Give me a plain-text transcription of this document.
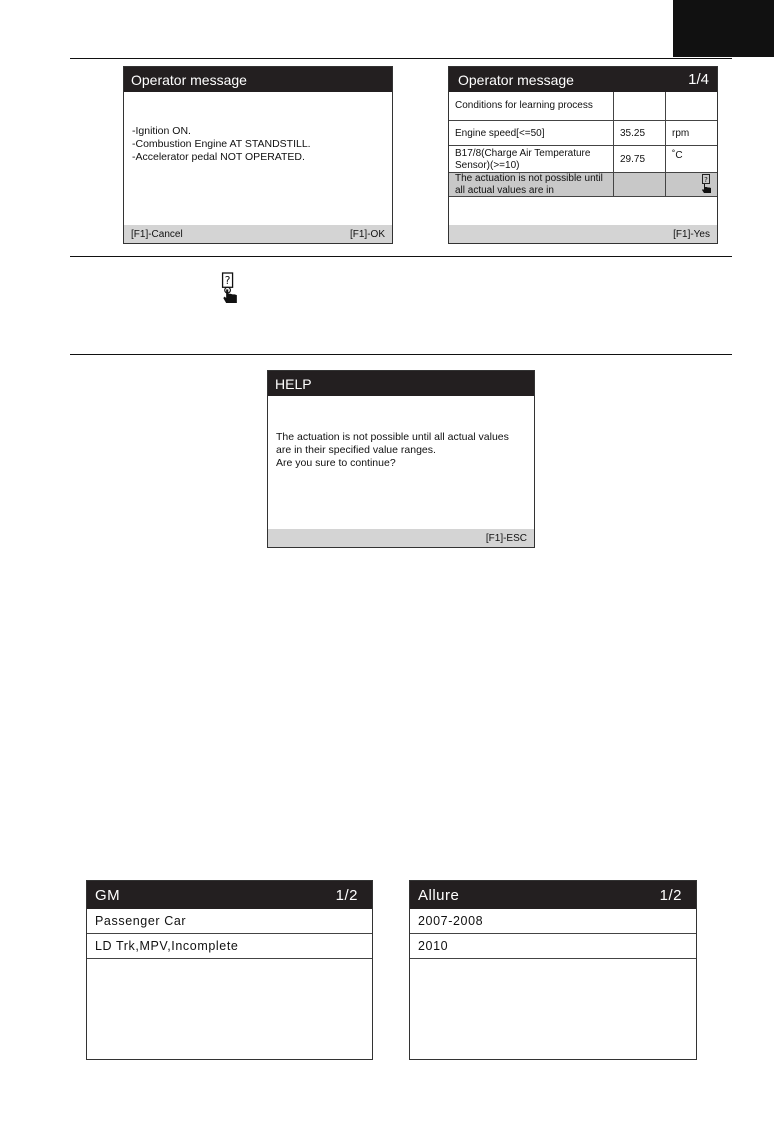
Operator message
-Ignition ON.
-Combustion Engine AT STANDSTILL.
-Accelerator pedal NOT OPERATED.
[F1]-Cancel	[F1]-OK
Operator message	1/4
Conditions for learning process
Engine speed[<=50]	35.25	rpm
B17/8(Charge Air Temperature Sensor)(>=10)	29.75	˚C
The actuation is not possible until all actual values are in
?
[F1]-Yes
?
HELP
The actuation is not possible until all actual values
are in their specified value ranges.
Are you sure to continue?
[F1]-ESC
GM	1/2
Passenger Car
LD Trk,MPV,Incomplete
Allure	1/2
2007-2008
2010
